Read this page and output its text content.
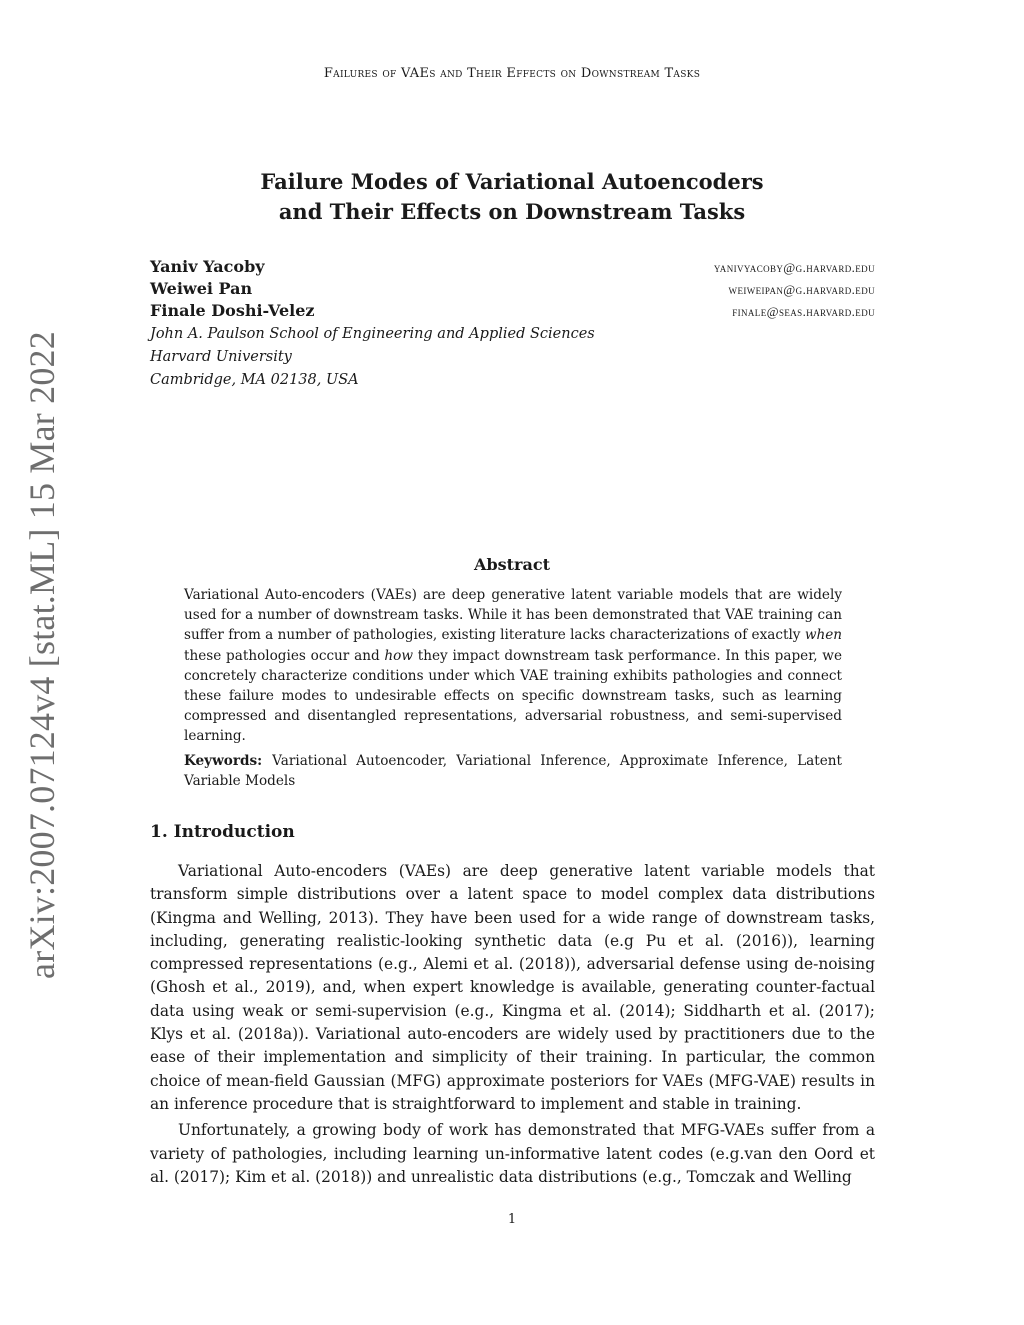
Failures of VAEs and Their Effects on Downstream Tasks
arXiv:2007.07124v4 [stat.ML] 15 Mar 2022
Failure Modes of Variational Autoencoders
and Their Effects on Downstream Tasks
Yaniv Yacoby	yanivyacoby@g.harvard.edu
Weiwei Pan	weiweipan@g.harvard.edu
Finale Doshi-Velez	finale@seas.harvard.edu
John A. Paulson School of Engineering and Applied Sciences
Harvard University
Cambridge, MA 02138, USA
Abstract

Variational Auto-encoders (VAEs) are deep generative latent variable models that are widely used for a number of downstream tasks. While it has been demonstrated that VAE training can suffer from a number of pathologies, existing literature lacks characterizations of exactly when these pathologies occur and how they impact downstream task performance. In this paper, we concretely characterize conditions under which VAE training exhibits pathologies and connect these failure modes to undesirable effects on specific downstream tasks, such as learning compressed and disentangled representations, adversarial robustness, and semi-supervised learning.

Keywords: Variational Autoencoder, Variational Inference, Approximate Inference, Latent Variable Models
1. Introduction

Variational Auto-encoders (VAEs) are deep generative latent variable models that transform simple distributions over a latent space to model complex data distributions (Kingma and Welling, 2013). They have been used for a wide range of downstream tasks, including, generating realistic-looking synthetic data (e.g Pu et al. (2016)), learning compressed representations (e.g., Alemi et al. (2018)), adversarial defense using de-noising (Ghosh et al., 2019), and, when expert knowledge is available, generating counter-factual data using weak or semi-supervision (e.g., Kingma et al. (2014); Siddharth et al. (2017); Klys et al. (2018a)). Variational auto-encoders are widely used by practitioners due to the ease of their implementation and simplicity of their training. In particular, the common choice of mean-field Gaussian (MFG) approximate posteriors for VAEs (MFG-VAE) results in an inference procedure that is straightforward to implement and stable in training.

Unfortunately, a growing body of work has demonstrated that MFG-VAEs suffer from a variety of pathologies, including learning un-informative latent codes (e.g.van den Oord et al. (2017); Kim et al. (2018)) and unrealistic data distributions (e.g., Tomczak and Welling

1
